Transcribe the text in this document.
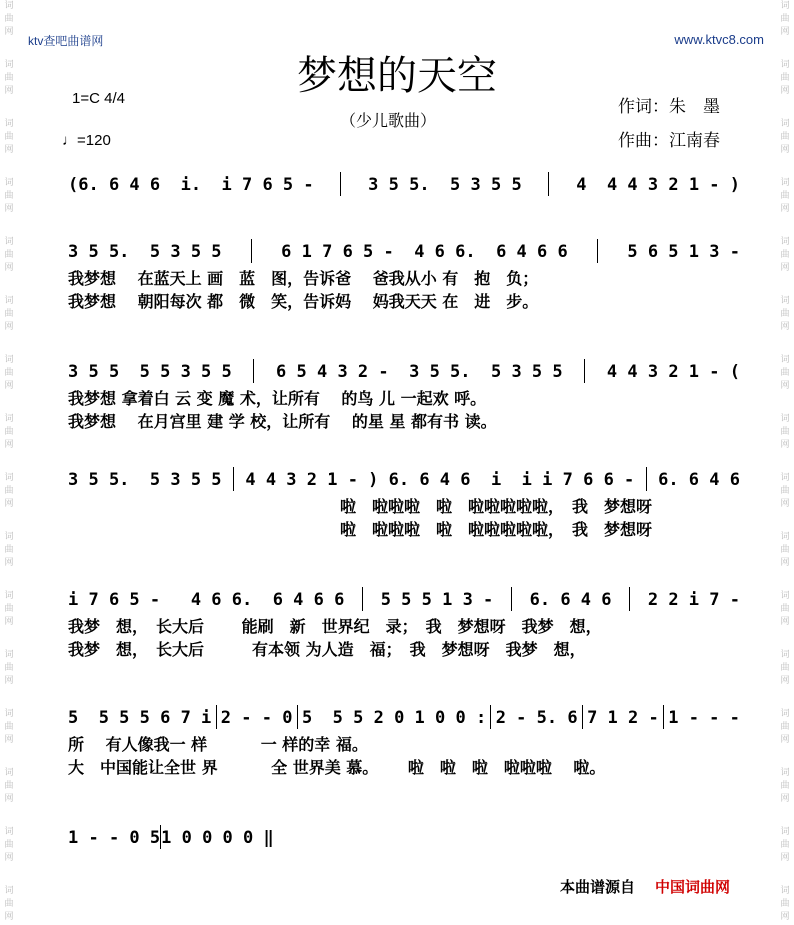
词曲网
词曲网
词曲网
词曲网
词曲网
词曲网
词曲网
词曲网
词曲网
词曲网
词曲网
词曲网
词曲网
词曲网
词曲网
词曲网
词曲网
词曲网
词曲网
词曲网
词曲网
词曲网
词曲网
词曲网
词曲网
词曲网
词曲网
词曲网
词曲网
词曲网
词曲网
词曲网
ktv查吧曲谱网	www.ktvc8.com
梦想的天空
（少儿歌曲）
1=C 4/4
♩=120
作词：朱　墨
作曲：江南春
(6. 6 4 6  i.  i 7 6 5 -	3 5 5.  5 3 5 5	4  4 4 3 2 1 - )
3 5 5.  5 3 5 5	6 1 7 6 5 -  4 6 6.  6 4 6 6	5 6 5 1 3 -
我梦想　 在蓝天上 画　蓝　图，告诉爸　 爸我从小 有　抱　负；
我梦想　 朝阳每次 都　微　笑，告诉妈　 妈我天天 在　进　步。
3 5 5  5 5 3 5 5	6 5 4 3 2 -  3 5 5.  5 3 5 5	4 4 3 2 1 - (
我梦想 拿着白 云 变 魔 术，让所有　 的鸟 儿 一起欢 呼。
我梦想　 在月宫里 建 学 校，让所有　 的星 星 都有书 读。
3 5 5.  5 3 5 5 4 4 3 2 1 - ) 6. 6 4 6  i  i i 7 6 6 - 6. 6 4 6
　　　　　　　　　　　　　　　　　啦　啦啦啦　啦　啦啦啦啦啦，　我　梦想呀
　　　　　　　　　　　　　　　　　啦　啦啦啦　啦　啦啦啦啦啦，　我　梦想呀
i 7 6 5 -   4 6 6.  6 4 6 6 5 5 5 1 3 - 6. 6 4 6 2 2 i 7 -
我梦　想，　长大后　　 能刷　新　世界纪　录；　我　梦想呀　我梦　想，
我梦　想，　长大后　　　有本领 为人造　福；　我　梦想呀　我梦　想，
5  5 5 5 6 7 i 2 - - 0 5  5 5 2 0 1 0 0 : 2 - 5. 6 7 1 2 - 1 - - -
所　 有人像我一 样　　　 一 样的幸 福。
大　中国能让全世 界　　　 全 世界美 慕。　　 啦　啦　啦　啦啦啦　 啦。
1 - - 0 5 1 0 0 0 0 ‖
本曲谱源自 中国词曲网
